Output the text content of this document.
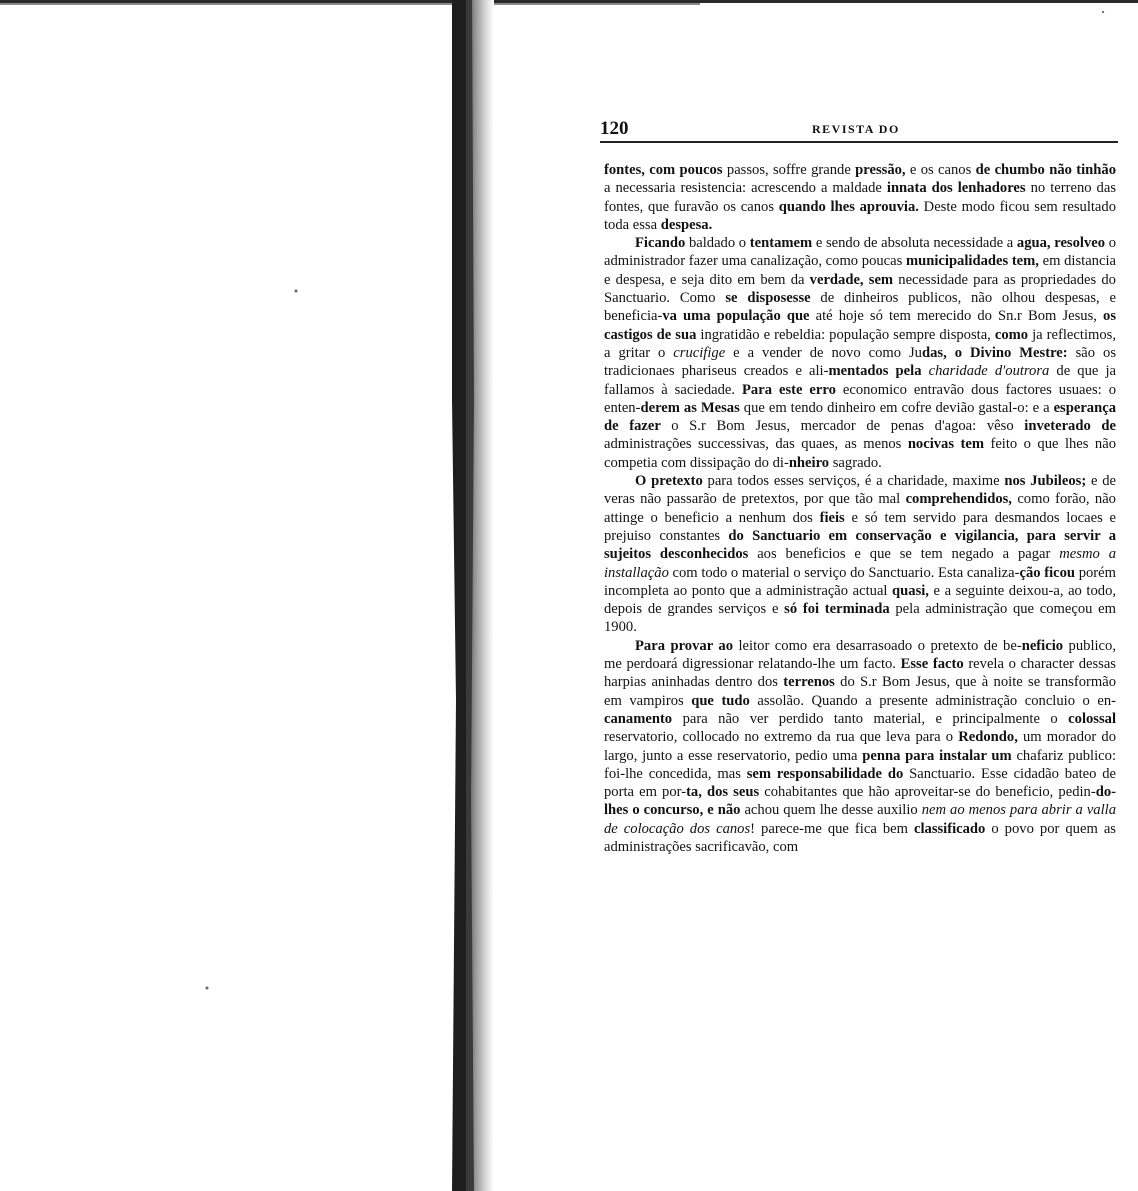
120	REVISTA DO

fontes, com poucos passos, soffre grande pressão, e os canos de chumbo não tinhão a necessaria resistencia: acrescendo a maldade innata dos lenhadores no terreno das fontes, que furavão os canos quando lhes aprouvia. Deste modo ficou sem resultado toda essa despesa.

Ficando baldado o tentamem e sendo de absoluta necessidade a agua, resolveo o administrador fazer uma canalização, como poucas municipalidades tem, em distancia e despesa, e seja dito em bem da verdade, sem necessidade para as propriedades do Sanctuario. Como se disposesse de dinheiros publicos, não olhou despesas, e beneficia-va uma população que até hoje só tem merecido do Sn.r Bom Jesus, os castigos de sua ingratidão e rebeldia: população sempre disposta, como ja reflectimos, a gritar o crucifige e a vender de novo como Judas, o Divino Mestre: são os tradicionaes phariseus creados e ali-mentados pela charidade d'outrora de que ja fallamos à saciedade. Para este erro economico entravão dous factores usuaes: o enten-derem as Mesas que em tendo dinheiro em cofre devião gastal-o: e a esperança de fazer o S.r Bom Jesus, mercador de penas d'agoa: vêso inveterado de administrações successivas, das quaes, as menos nocivas tem feito o que lhes não competia com dissipação do di-nheiro sagrado.

O pretexto para todos esses serviços, é a charidade, maxime nos Jubileos; e de veras não passarão de pretextos, por que tão mal comprehendidos, como forão, não attinge o beneficio a nenhum dos fieis e só tem servido para desmandos locaes e prejuiso constantes do Sanctuario em conservação e vigilancia, para servir a sujeitos desconhecidos aos beneficios e que se tem negado a pagar mesmo a installação com todo o material o serviço do Sanctuario. Esta canaliza-ção ficou porém incompleta ao ponto que a administração actual quasi, e a seguinte deixou-a, ao todo, depois de grandes serviços e só foi terminada pela administração que começou em 1900.

Para provar ao leitor como era desarrasoado o pretexto de be-neficio publico, me perdoará digressionar relatando-lhe um facto. Esse facto revela o character dessas harpias aninhadas dentro dos terrenos do S.r Bom Jesus, que à noite se transformão em vampiros que tudo assolão. Quando a presente administração concluio o en-canamento para não ver perdido tanto material, e principalmente o colossal reservatorio, collocado no extremo da rua que leva para o Redondo, um morador do largo, junto a esse reservatorio, pedio uma penna para instalar um chafariz publico: foi-lhe concedida, mas sem responsabilidade do Sanctuario. Esse cidadão bateo de porta em por-ta, dos seus cohabitantes que hão aproveitar-se do beneficio, pedin-do-lhes o concurso, e não achou quem lhe desse auxilio nem ao menos para abrir a valla de colocação dos canos! parece-me que fica bem classificado o povo por quem as administrações sacrificavão, com
